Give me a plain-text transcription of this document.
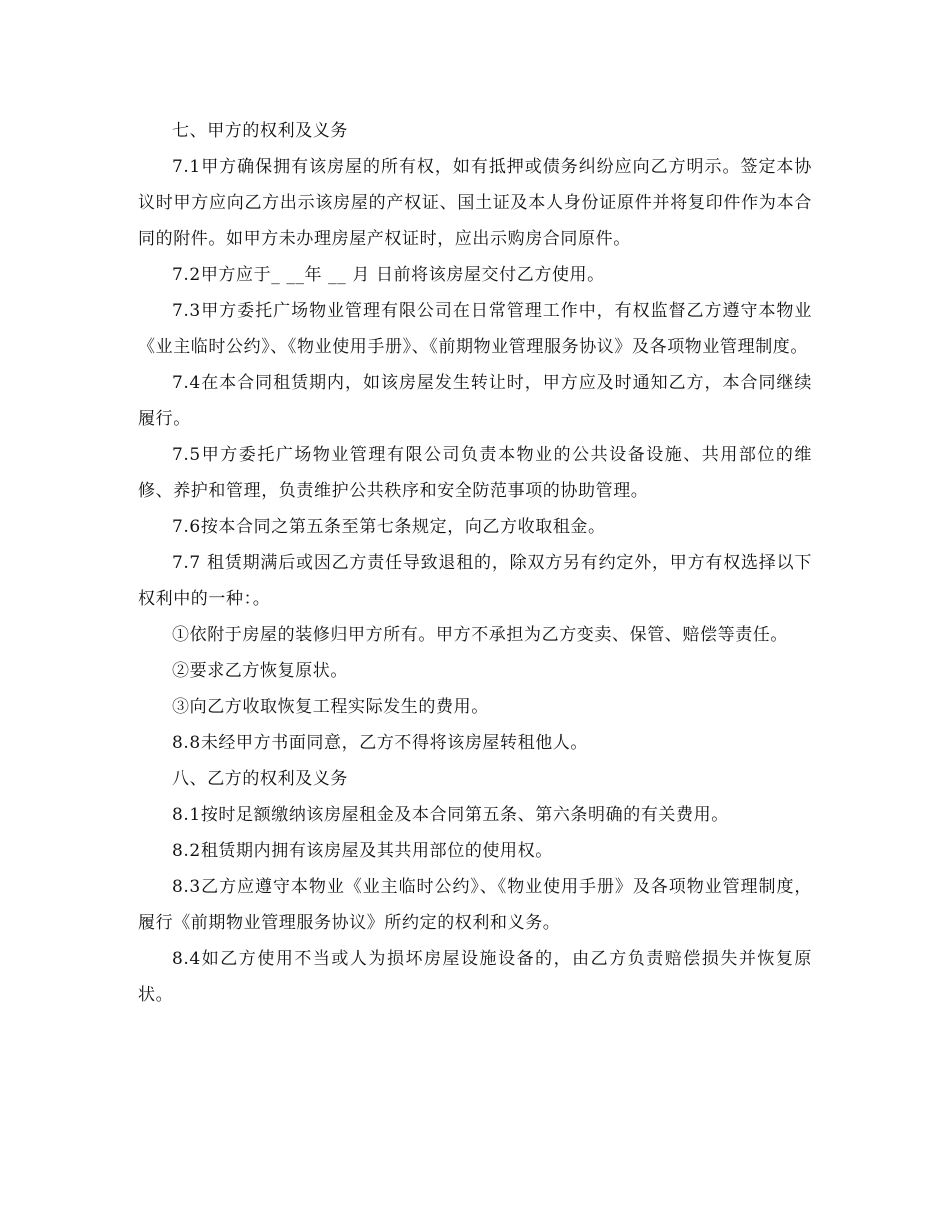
七、甲方的权利及义务

7.1甲方确保拥有该房屋的所有权，如有抵押或债务纠纷应向乙方明示。签定本协议时甲方应向乙方出示该房屋的产权证、国土证及本人身份证原件并将复印件作为本合同的附件。如甲方未办理房屋产权证时，应出示购房合同原件。

7.2甲方应于_ __年 __ 月 日前将该房屋交付乙方使用。

7.3甲方委托广场物业管理有限公司在日常管理工作中，有权监督乙方遵守本物业《业主临时公约》、《物业使用手册》、《前期物业管理服务协议》及各项物业管理制度。

7.4在本合同租赁期内，如该房屋发生转让时，甲方应及时通知乙方，本合同继续履行。

7.5甲方委托广场物业管理有限公司负责本物业的公共设备设施、共用部位的维修、养护和管理，负责维护公共秩序和安全防范事项的协助管理。

7.6按本合同之第五条至第七条规定，向乙方收取租金。

7.7 租赁期满后或因乙方责任导致退租的，除双方另有约定外，甲方有权选择以下权利中的一种：。

①依附于房屋的装修归甲方所有。甲方不承担为乙方变卖、保管、赔偿等责任。

②要求乙方恢复原状。

③向乙方收取恢复工程实际发生的费用。

8.8未经甲方书面同意，乙方不得将该房屋转租他人。

八、乙方的权利及义务

8.1按时足额缴纳该房屋租金及本合同第五条、第六条明确的有关费用。

8.2租赁期内拥有该房屋及其共用部位的使用权。

8.3乙方应遵守本物业《业主临时公约》、《物业使用手册》及各项物业管理制度，履行《前期物业管理服务协议》所约定的权利和义务。

8.4如乙方使用不当或人为损坏房屋设施设备的，由乙方负责赔偿损失并恢复原状。
